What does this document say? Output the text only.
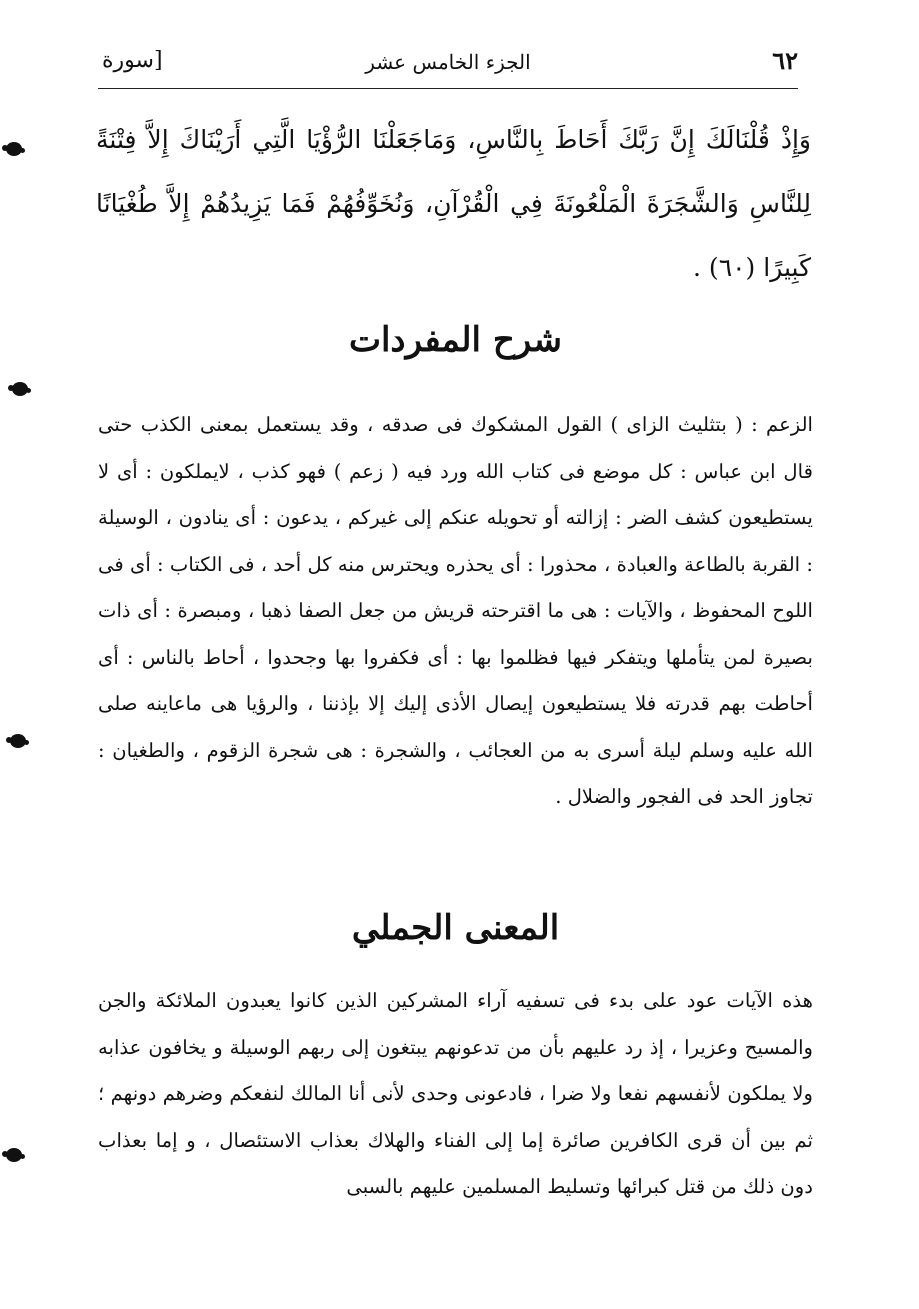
٦٢
الجزء الخامس عشر
[سورة
وَإِذْ قُلْنَالَكَ إِنَّ رَبَّكَ أَحَاطَ بِالنَّاسِ، وَمَاجَعَلْنَا الرُّؤْيَا الَّتِي أَرَيْنَاكَ إِلاَّ فِتْنَةً لِلنَّاسِ وَالشَّجَرَةَ الْمَلْعُونَةَ فِي الْقُرْآنِ، وَنُخَوِّفُهُمْ فَمَا يَزِيدُهُمْ إِلاَّ طُغْيَانًا كَبِيرًا (٦٠) .
شرح المفردات
الزعم : ( بتثليث الزاى ) القول المشكوك فى صدقه ، وقد يستعمل بمعنى الكذب حتى قال ابن عباس : كل موضع فى كتاب الله ورد فيه ( زعم ) فهو كذب ، لايملكون : أى لا يستطيعون كشف الضر : إزالته أو تحويله عنكم إلى غيركم ، يدعون : أى ينادون ، الوسيلة : القربة بالطاعة والعبادة ، محذورا : أى يحذره ويحترس منه كل أحد ، فى الكتاب : أى فى اللوح المحفوظ ، والآيات : هى ما اقترحته قريش من جعل الصفا ذهبا ، ومبصرة : أى ذات بصيرة لمن يتأملها ويتفكر فيها فظلموا بها : أى فكفروا بها وجحدوا ، أحاط بالناس : أى أحاطت بهم قدرته فلا يستطيعون إيصال الأذى إليك إلا بإذننا ، والرؤيا هى ماعاينه صلى الله عليه وسلم ليلة أسرى به من العجائب ، والشجرة : هى شجرة الزقوم ، والطغيان : تجاوز الحد فى الفجور والضلال .
المعنى الجملي
هذه الآيات عود على بدء فى تسفيه آراء المشركين الذين كانوا يعبدون الملائكة والجن والمسيح وعزيرا ، إذ رد عليهم بأن من تدعونهم يبتغون إلى ربهم الوسيلة و يخافون عذابه ولا يملكون لأنفسهم نفعا ولا ضرا ، فادعونى وحدى لأنى أنا المالك لنفعكم وضرهم دونهم ؛ ثم بين أن قرى الكافرين صائرة إما إلى الفناء والهلاك بعذاب الاستئصال ، و إما بعذاب دون ذلك من قتل كبرائها وتسليط المسلمين عليهم بالسبى
